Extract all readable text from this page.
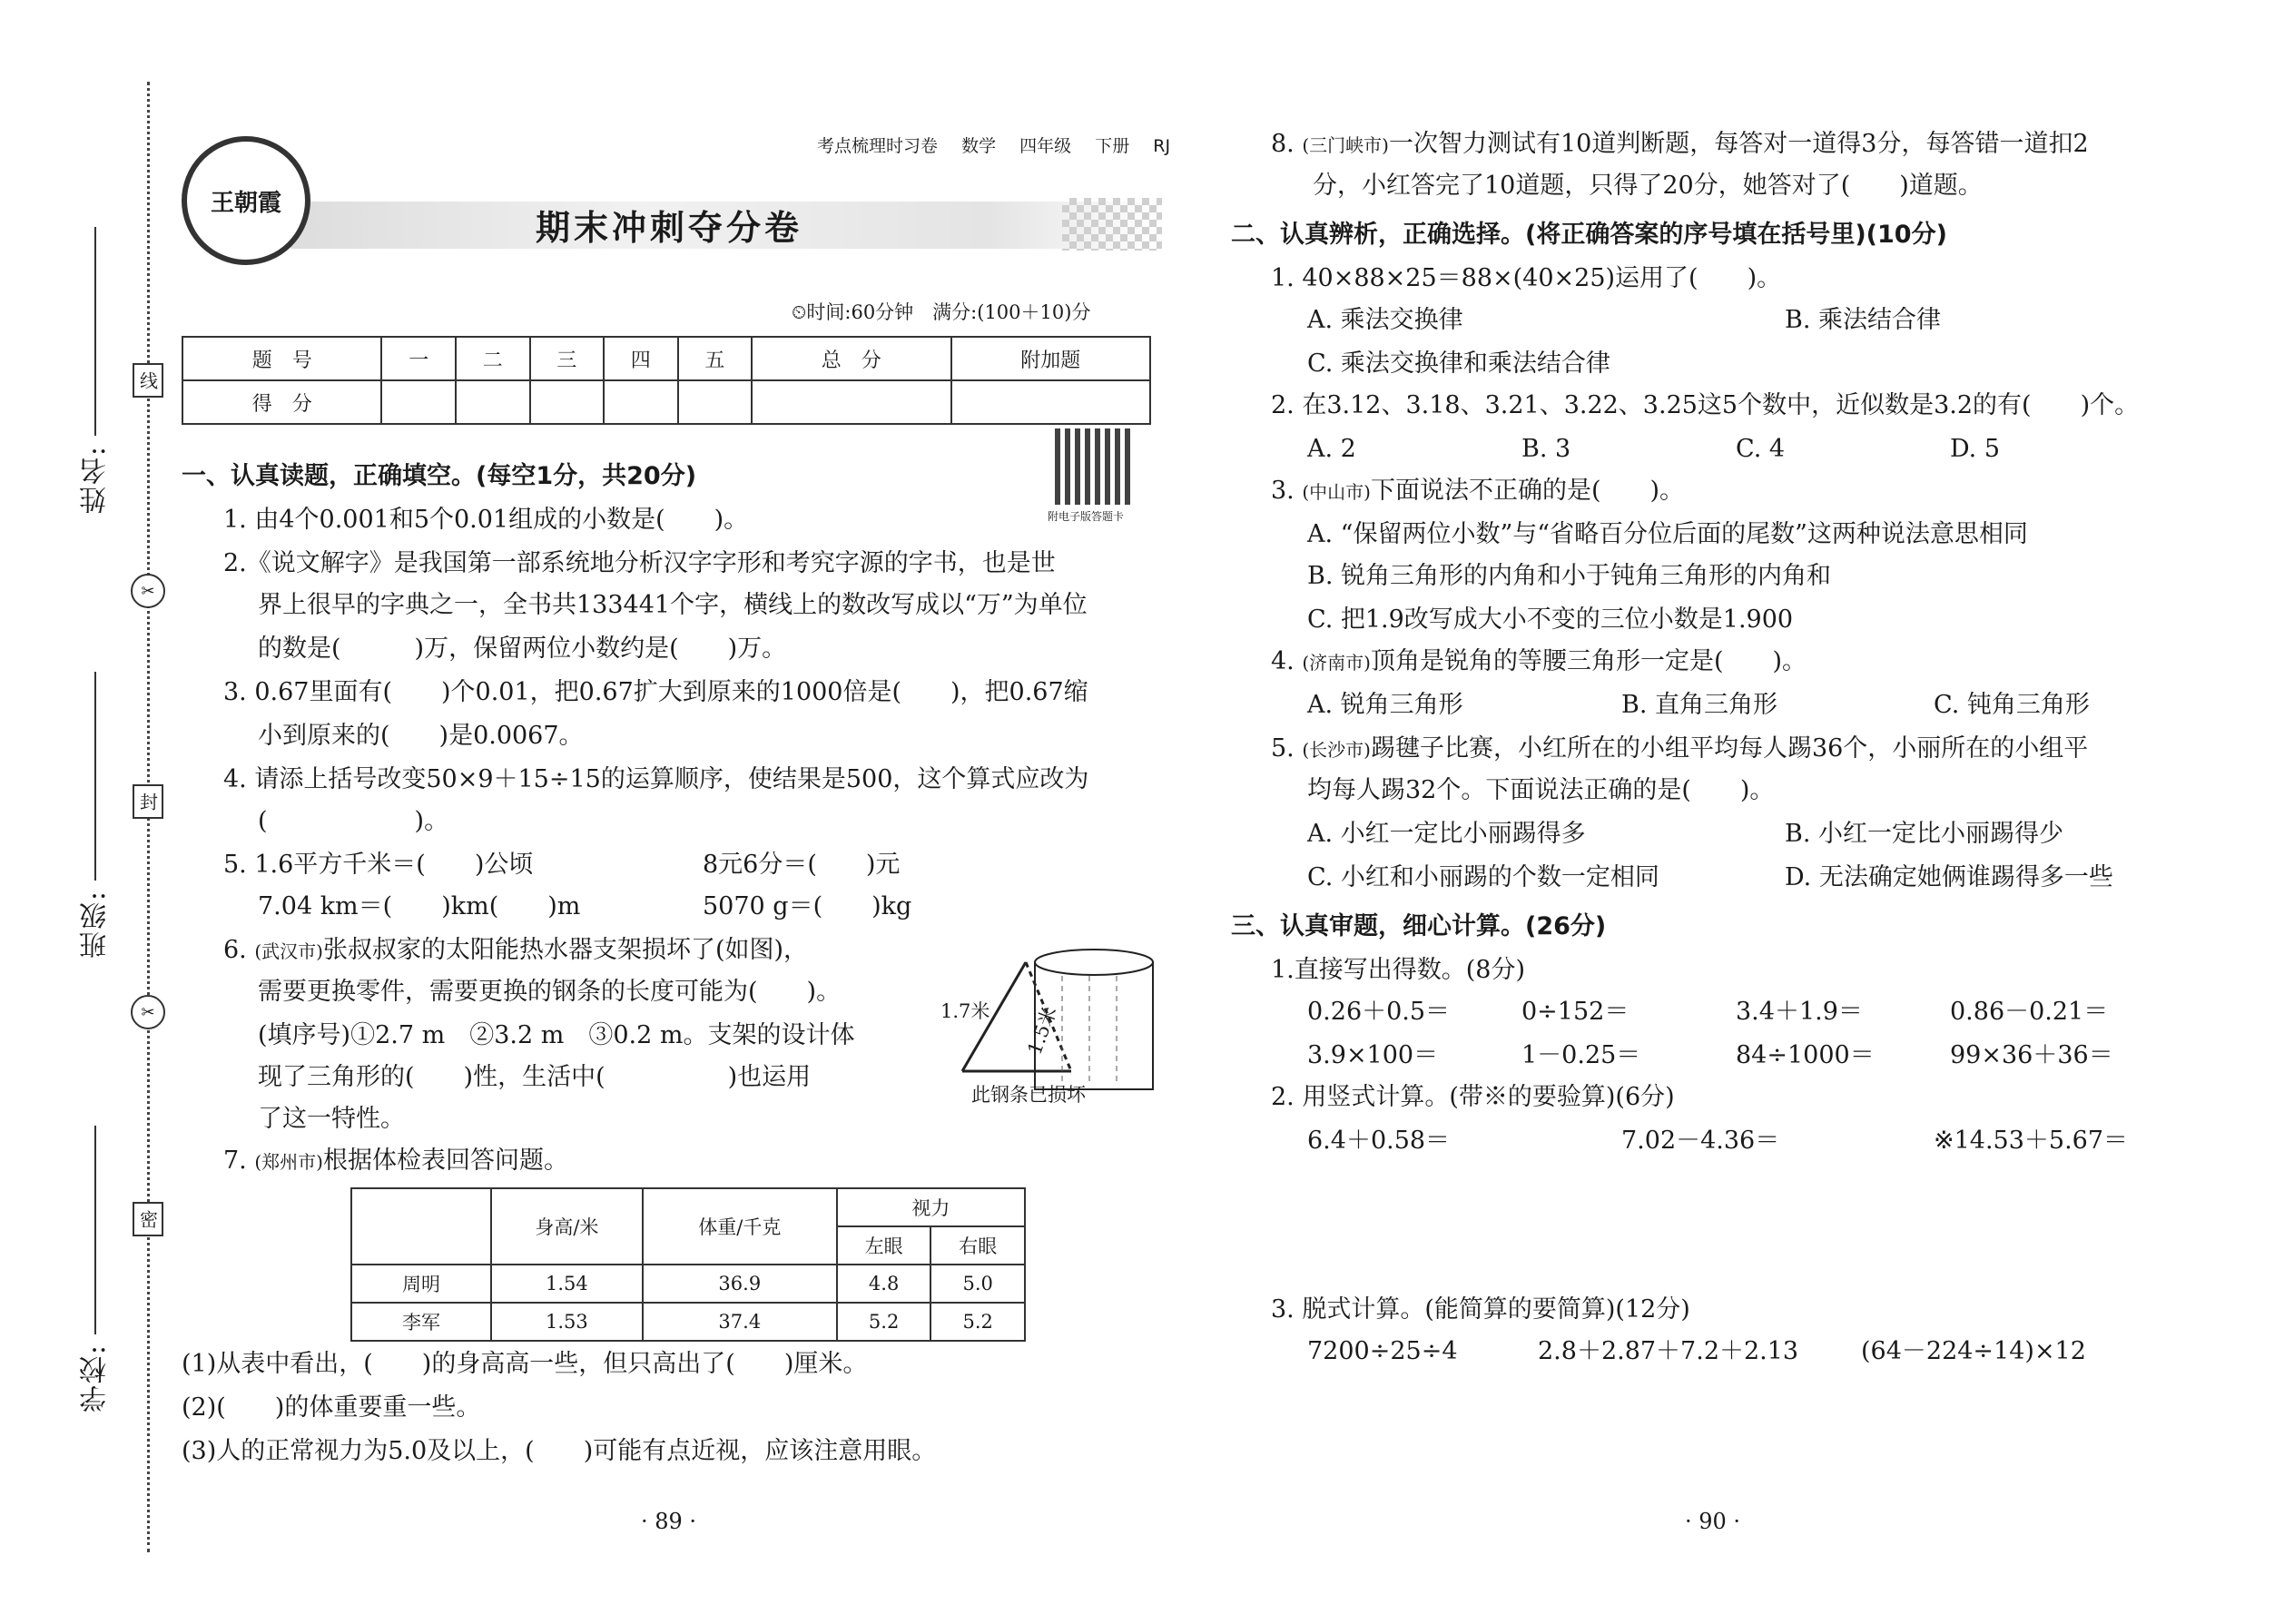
姓名:
班级:
学校:
线
✂
封
✂
密
王朝霞
考点梳理时习卷 数学 四年级 下册 RJ
期末冲刺夺分卷
⏲时间:60分钟　满分:(100＋10)分
题　号	一	二	三	四	五	总　分	附加题
得　分							
附电子版答题卡
一、认真读题，正确填空。(每空1分，共20分)
1. 由4个0.001和5个0.01组成的小数是(　　)。
2.《说文解字》是我国第一部系统地分析汉字字形和考究字源的字书，也是世
界上很早的字典之一，全书共133441个字，横线上的数改写成以“万”为单位
的数是(　　　)万，保留两位小数约是(　　)万。
3. 0.67里面有(　　)个0.01，把0.67扩大到原来的1000倍是(　　)，把0.67缩
小到原来的(　　)是0.0067。
4. 请添上括号改变50×9＋15÷15的运算顺序，使结果是500，这个算式应改为
(　　　　　　)。
5. 1.6平方千米＝(　　)公顷	8元6分＝(　　)元
7.04 km＝(　　)km(　　)m	5070 g＝(　　)kg
6. (武汉市)张叔叔家的太阳能热水器支架损坏了(如图)，
需要更换零件，需要更换的钢条的长度可能为(　　)。
(填序号)①2.7 m　②3.2 m　③0.2 m。支架的设计体
现了三角形的(　　)性，生活中(　　　　　)也运用
了这一特性。
1.7米 1.5米
此钢条已损坏
7. (郑州市)根据体检表回答问题。
	身高/米	体重/千克	视力	
			左眼	右眼
周明	1.54	36.9	4.8	5.0
李军	1.53	37.4	5.2	5.2
(1)从表中看出，(　　)的身高高一些，但只高出了(　　)厘米。
(2)(　　)的体重要重一些。
(3)人的正常视力为5.0及以上，(　　)可能有点近视，应该注意用眼。
· 89 ·
8. (三门峡市)一次智力测试有10道判断题，每答对一道得3分，每答错一道扣2
分，小红答完了10道题，只得了20分，她答对了(　　)道题。
二、认真辨析，正确选择。(将正确答案的序号填在括号里)(10分)
1. 40×88×25＝88×(40×25)运用了(　　)。
A. 乘法交换律	B. 乘法结合律
C. 乘法交换律和乘法结合律
2. 在3.12、3.18、3.21、3.22、3.25这5个数中，近似数是3.2的有(　　)个。
A. 2	B. 3	C. 4	D. 5
3. (中山市)下面说法不正确的是(　　)。
A. “保留两位小数”与“省略百分位后面的尾数”这两种说法意思相同
B. 锐角三角形的内角和小于钝角三角形的内角和
C. 把1.9改写成大小不变的三位小数是1.900
4. (济南市)顶角是锐角的等腰三角形一定是(　　)。
A. 锐角三角形	B. 直角三角形	C. 钝角三角形
5. (长沙市)踢毽子比赛，小红所在的小组平均每人踢36个，小丽所在的小组平
均每人踢32个。下面说法正确的是(　　)。
A. 小红一定比小丽踢得多	B. 小红一定比小丽踢得少
C. 小红和小丽踢的个数一定相同	D. 无法确定她俩谁踢得多一些
三、认真审题，细心计算。(26分)
1.直接写出得数。(8分)
0.26＋0.5＝	0÷152＝	3.4＋1.9＝	0.86－0.21＝
3.9×100＝	1－0.25＝	84÷1000＝	99×36＋36＝
2. 用竖式计算。(带※的要验算)(6分)
6.4＋0.58＝	7.02－4.36＝	※14.53＋5.67＝
3. 脱式计算。(能简算的要简算)(12分)
7200÷25÷4	2.8＋2.87＋7.2＋2.13	(64－224÷14)×12
· 90 ·
